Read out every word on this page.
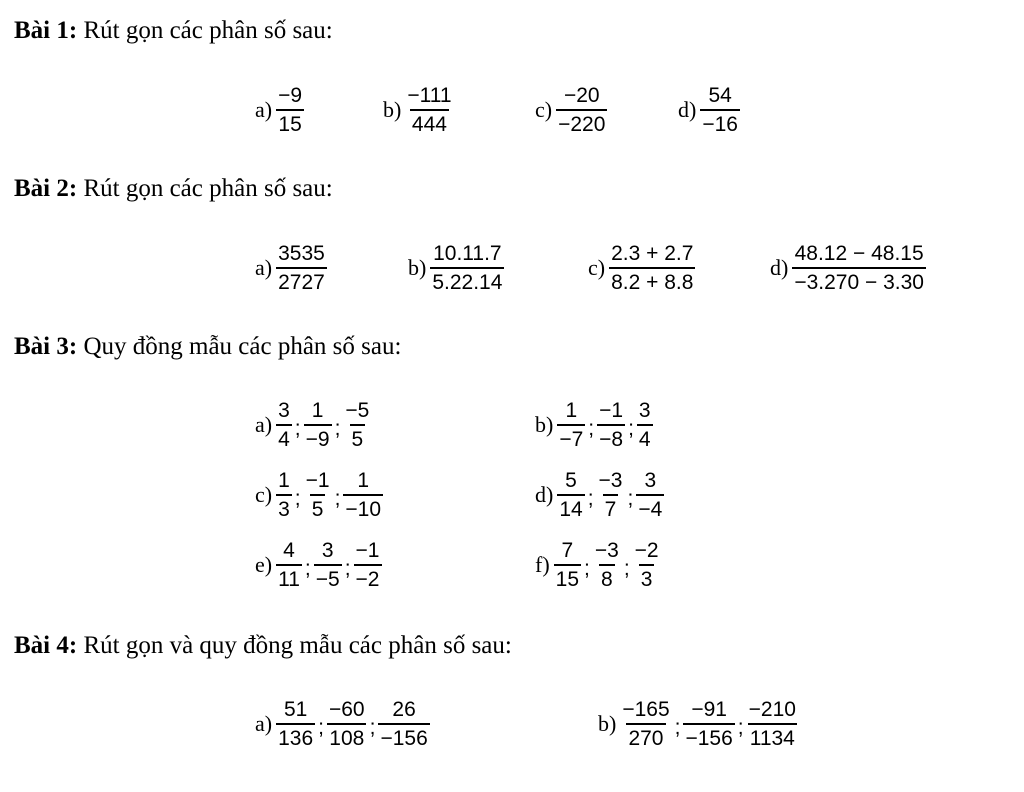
Bài 1: Rút gọn các phân số sau:
Bài 2: Rút gọn các phân số sau:
Bài 3: Quy đồng mẫu các phân số sau:
Bài 4: Rút gọn và quy đồng mẫu các phân số sau:
$a) \frac{-9}{15}$	$b) \frac{-111}{444}$	$c) \frac{-20}{-220}$	$d) \frac{54}{-16}$
$a) \frac{3535}{2727}$	$b) \frac{10.11.7}{5.22.14}$	$c) \frac{2.3 + 2.7}{8.2 + 8.8}$	$d) \frac{48.12 - 48.15}{-3.270 - 3.30}$
$a) \frac{3}{4}$ ; $\frac{1}{-9}$ ; $\frac{-5}{5}$	$b) \frac{1}{-7}$ ; $\frac{-1}{-8}$ ; $\frac{3}{4}$
$c) \frac{1}{3}$ ; $\frac{-1}{5}$ ; $\frac{1}{-10}$	$d) \frac{5}{14}$ ; $\frac{-3}{7}$ ; $\frac{3}{-4}$
$e) \frac{4}{11}$ ; $\frac{3}{-5}$ ; $\frac{-1}{-2}$	$f) \frac{7}{15}$ ; $\frac{-3}{8}$ ; $\frac{-2}{3}$
$a) \frac{51}{136}$ ; $\frac{-60}{108}$ ; $\frac{26}{-156}$	$b) \frac{-165}{270}$ ; $\frac{-91}{-156}$ ; $\frac{-210}{1134}$
